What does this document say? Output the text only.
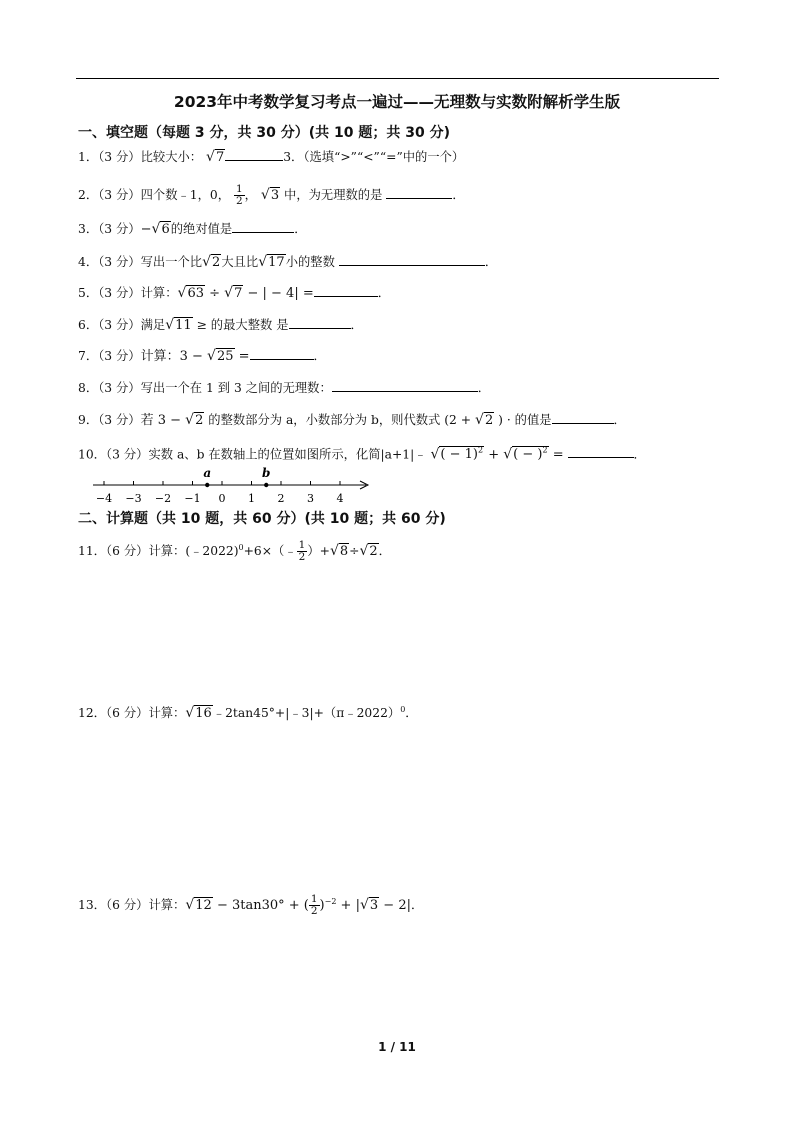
2023年中考数学复习考点一遍过——无理数与实数附解析学生版
一、填空题（每题 3 分，共 30 分）(共 10 题；共 30 分)
1．（3 分）比较大小： √7	3．（选填“>”“<”“=”中的一个）
2．（3 分）四个数﹣1，0， $\frac{1}{2}$ ， √3 中，为无理数的是	．
3．（3 分）−√6的绝对值是	．
4．（3 分）写出一个比√2大且比√17小的整数	．
5．（3 分）计算：√63 ÷ √7 − | − 4| =	．
6．（3 分）满足√11 ≥ 的最大整数 是	．
7．（3 分）计算：3 − √25 =	．
8．（3 分）写出一个在 1 到 3 之间的无理数：	．
9．（3 分）若 3 − √2 的整数部分为 a，小数部分为 b，则代数式 (2 + √2 ) · 的值是	．
10．（3 分）实数 a、b 在数轴上的位置如图所示，化简|a+1|﹣ √( − 1)$^2$ + √( − )$^2$ =	．
−4 −3 −2 −1 0 1 2 3 4
a	b
二、计算题（共 10 题，共 60 分）(共 10 题；共 60 分)
11．（6 分）计算：(﹣2022)$^0$+6×（﹣ $\frac{1}{2} )+√8\div√2$．
12．（6 分）计算：√16﹣2tan45°+|﹣3|+（π﹣2022）$^0$．
13．（6 分）计算：√12 − 3tan30° + ( $\frac{1}{2} )^{-2} + |√3 - 2|$．
1 / 11
